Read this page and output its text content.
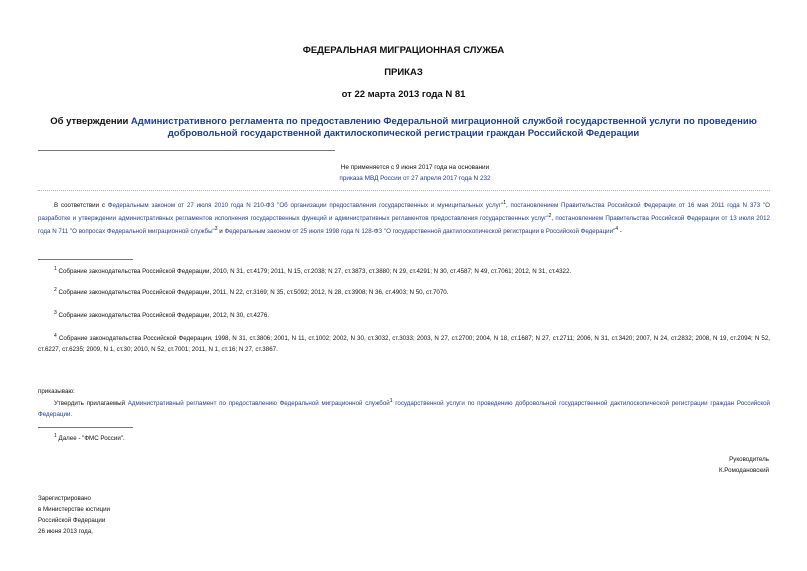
ФЕДЕРАЛЬНАЯ МИГРАЦИОННАЯ СЛУЖБА
ПРИКАЗ
от 22 марта 2013 года N 81
Об утверждении Административного регламента по предоставлению Федеральной миграционной службой государственной услуги по проведению добровольной государственной дактилоскопической регистрации граждан Российской Федерации
Не применяется с 9 июня 2017 года на основании
приказа МВД России от 27 апреля 2017 года N 232
В соответствии с Федеральным законом от 27 июля 2010 года N 210-ФЗ "Об организации предоставления государственных и муниципальных услуг"$^1$, постановлением Правительства Российской Федерации от 16 мая 2011 года N 373 "О разработке и утверждении административных регламентов исполнения государственных функций и административных регламентов предоставления государственных услуг"$^2$, постановлением Правительства Российской Федерации от 13 июля 2012 года N 711 "О вопросах Федеральной миграционной службы"$^3$ и Федеральным законом от 25 июля 1998 года N 128-ФЗ "О государственной дактилоскопической регистрации в Российской Федерации"$^4$ -
$^1$ Собрание законодательства Российской Федерации, 2010, N 31, ст.4179; 2011, N 15, ст.2038; N 27, ст.3873, ст.3880; N 29, ст.4291; N 30, ст.4587; N 49, ст.7061; 2012, N 31, ст.4322.
$^2$ Собрание законодательства Российской Федерации, 2011, N 22, ст.3169; N 35, ст.5092; 2012, N 28, ст.3908; N 36, ст.4903; N 50, ст.7070.
$^3$ Собрание законодательства Российской Федерации, 2012, N 30, ст.4276.
$^4$ Собрание законодательства Российской Федерации, 1998, N 31, ст.3806; 2001, N 11, ст.1002; 2002, N 30, ст.3032, ст.3033; 2003, N 27, ст.2700; 2004, N 18, ст.1687; N 27, ст.2711; 2006, N 31, ст.3420; 2007, N 24, ст.2832; 2008, N 19, ст.2094; N 52, ст.6227, ст.6235; 2009, N 1, ст.30; 2010, N 52, ст.7001; 2011, N 1, ст.16; N 27, ст.3867.
приказываю:
Утвердить прилагаемый Административный регламент по предоставлению Федеральной миграционной службой$^1$ государственной услуги по проведению добровольной государственной дактилоскопической регистрации граждан Российской Федерации.
$^1$ Далее - "ФМС России".
Руководитель
К.Ромодановский
Зарегистрировано
в Министерстве юстиции
Российской Федерации
26 июня 2013 года,
